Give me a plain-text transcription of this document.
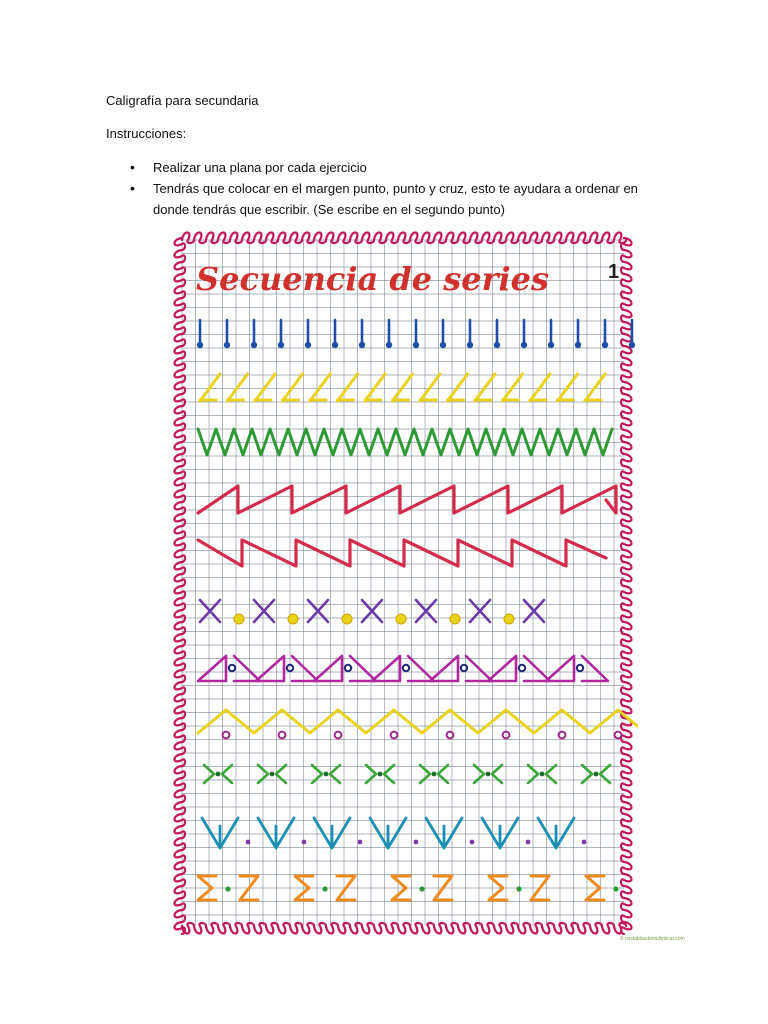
Caligrafía para secundaria
Instrucciones:
• Realizar una plana por cada ejercicio
• Tendrás que colocar en el margen punto, punto y cruz, esto te ayudara a ordenar en donde tendrás que escribir. (Se escribe en el segundo punto)
Secuencia de series	1
© mistablasdemultiplicar.com
